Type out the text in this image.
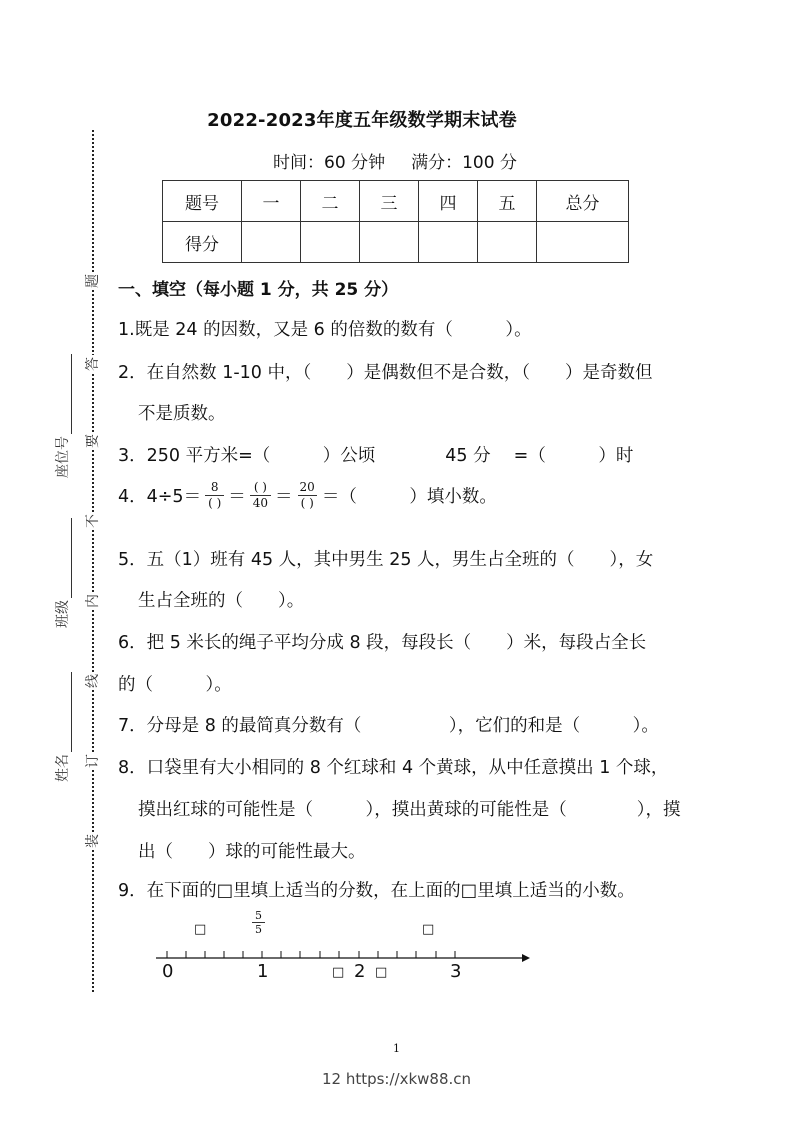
题
答
要
不
内
线
订
装
座位号
班级
姓名
2022-2023年度五年级数学期末试卷
时间：60 分钟 满分：100 分
题号	一	二	三	四	五	总分
得分						
一、填空（每小题 1 分，共 25 分）
1.既是 24 的因数，又是 6 的倍数的数有（　　　）。
2．在自然数 1-10 中，（　　）是偶数但不是合数，（　　）是奇数但
不是质数。
3．250 平方米=（　　　）公顷　　　　45 分　 =（　　　）时
4．$4\div 5= \frac{8}{( )} = \frac{( )}{40} = \frac{20}{( )}$ ＝（　　　）填小数。
5．五（1）班有 45 人，其中男生 25 人，男生占全班的（　　），女
生占全班的（　　）。
6．把 5 米长的绳子平均分成 8 段，每段长（　　）米，每段占全长
的（　　　）。
7．分母是 8 的最简真分数有（　　　　　），它们的和是（　　　）。
8．口袋里有大小相同的 8 个红球和 4 个黄球，从中任意摸出 1 个球，
摸出红球的可能性是（　　　），摸出黄球的可能性是（　　　　），摸
出（　　）球的可能性最大。
9．在下面的□里填上适当的分数，在上面的□里填上适当的小数。
0	1	2	3
$\frac{5}{5}$
□	□
□ □
1
12 https://xkw88.cn
